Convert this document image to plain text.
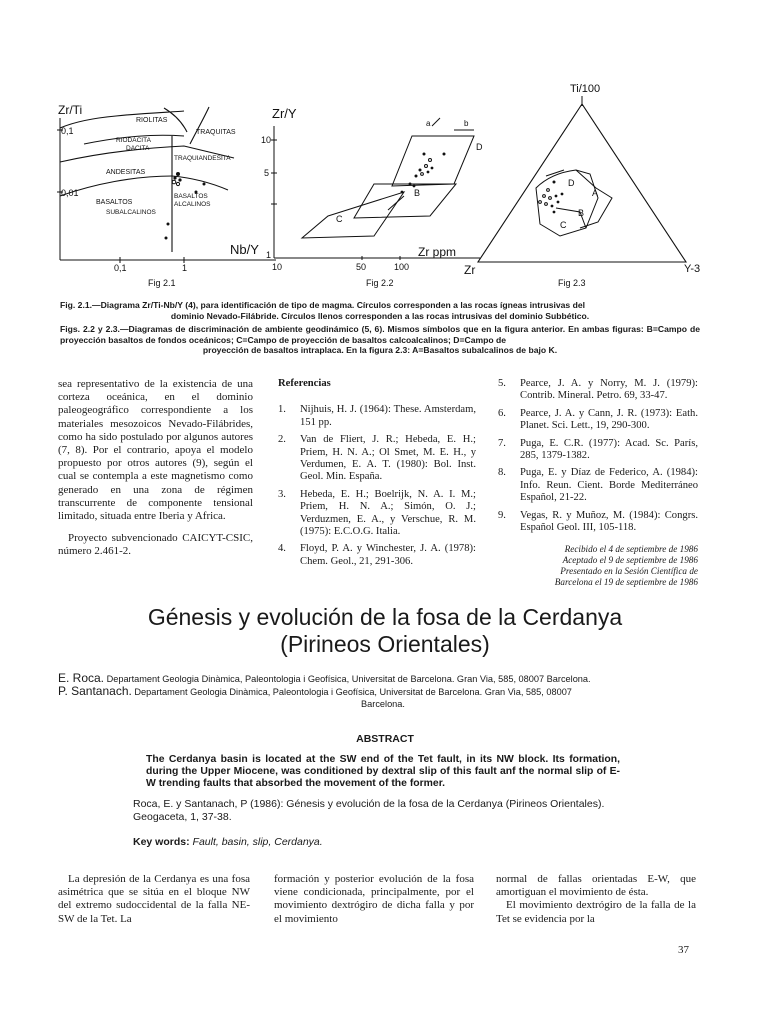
Zr/Ti
0,1
0,01
RIOLITAS
TRAQUITAS
RIODACITA
DACITA
TRAQUIANDESITA
ANDESITAS
BASALTOS
ALCALINOS
BASALTOS
SUBALCALINOS
Nb/Y
0,1	1
Fig 2.1
Zr/Y
10
5
1
D
B
C
a	b
10	50	100
Zr ppm
Fig 2.2
Ti/100
D
A
B
C
Zr	Y-3
Fig 2.3
Fig. 2.1.—Diagrama Zr/Ti-Nb/Y (4), para identificación de tipo de magma. Círculos corresponden a las rocas ígneas intrusivas del
dominio Nevado-Filábride. Círculos llenos corresponden a las rocas intrusivas del dominio Subbético.
Figs. 2.2 y 2.3.—Diagramas de discriminación de ambiente geodinámico (5, 6). Mismos símbolos que en la figura anterior. En ambas figuras: B=Campo de proyección basaltos de fondos oceánicos; C=Campo de proyección de basaltos calcoalcalinos; D=Campo de
proyección de basaltos intraplaca. En la figura 2.3: A=Basaltos subalcalinos de bajo K.

sea representativo de la existencia de una corteza oceánica, en el dominio paleogeográfico correspondiente a los materiales mesozoicos Nevado-Filábrides, como ha sido postulado por algunos autores (7, 8). Por el contrario, apoya el modelo propuesto por otros autores (9), según el cual se contempla a este magnetismo como generado en una zona de régimen transcurrente de componente tensional limitado, situada entre Iberia y Africa.

Proyecto subvencionado CAICYT-CSIC, número 2.461-2.

Referencias
1.	Nijhuis, H. J. (1964): These. Amsterdam, 151 pp.
2.	Van de Fliert, J. R.; Hebeda, E. H.; Priem, H. N. A.; Ol Smet, M. E. H., y Verdumen, E. A. T. (1980): Bol. Inst. Geol. Min. España.
3.	Hebeda, E. H.; Boelrijk, N. A. I. M.; Priem, H. N. A.; Simón, O. J.; Verduzmen, E. A., y Verschue, R. M. (1975): E.C.O.G. Italia.
4.	Floyd, P. A. y Winchester, J. A. (1978): Chem. Geol., 21, 291-306.
5.	Pearce, J. A. y Norry, M. J. (1979): Contrib. Mineral. Petro. 69, 33-47.
6.	Pearce, J. A. y Cann, J. R. (1973): Eath. Planet. Sci. Lett., 19, 290-300.
7.	Puga, E. C.R. (1977): Acad. Sc. París, 285, 1379-1382.
8.	Puga, E. y Díaz de Federico, A. (1984): Info. Reun. Cient. Borde Mediterráneo Español, 21-22.
9.	Vegas, R. y Muñoz, M. (1984): Congrs. Español Geol. III, 105-118.
Recibido el 4 de septiembre de 1986
Aceptado el 9 de septiembre de 1986
Presentado en la Sesión Científica de
Barcelona el 19 de septiembre de 1986
Génesis y evolución de la fosa de la Cerdanya
(Pirineos Orientales)
E. Roca. Departament Geologia Dinàmica, Paleontologia i Geofísica, Universitat de Barcelona. Gran Via, 585, 08007 Barcelona.
P. Santanach. Departament Geologia Dinàmica, Paleontologia i Geofísica, Universitat de Barcelona. Gran Via, 585, 08007
Barcelona.
ABSTRACT
The Cerdanya basin is located at the SW end of the Tet fault, in its NW block. Its formation, during the Upper Miocene, was conditioned by dextral slip of this fault anf the normal slip of E-W trending faults that absorbed the movement of the former.
Roca, E. y Santanach, P (1986): Génesis y evolución de la fosa de la Cerdanya (Pirineos Orientales). Geogaceta, 1, 37-38.
Key words: Fault, basin, slip, Cerdanya.
La depresión de la Cerdanya es una fosa asimétrica que se sitúa en el bloque NW del extremo sudoccidental de la falla NE-SW de la Tet. La
formación y posterior evolución de la fosa viene condicionada, principalmente, por el movimiento dextrógiro de dicha falla y por el movimiento
normal de fallas orientadas E-W, que amortiguan el movimiento de ésta.
El movimiento dextrógiro de la falla de la Tet se evidencia por la
37
